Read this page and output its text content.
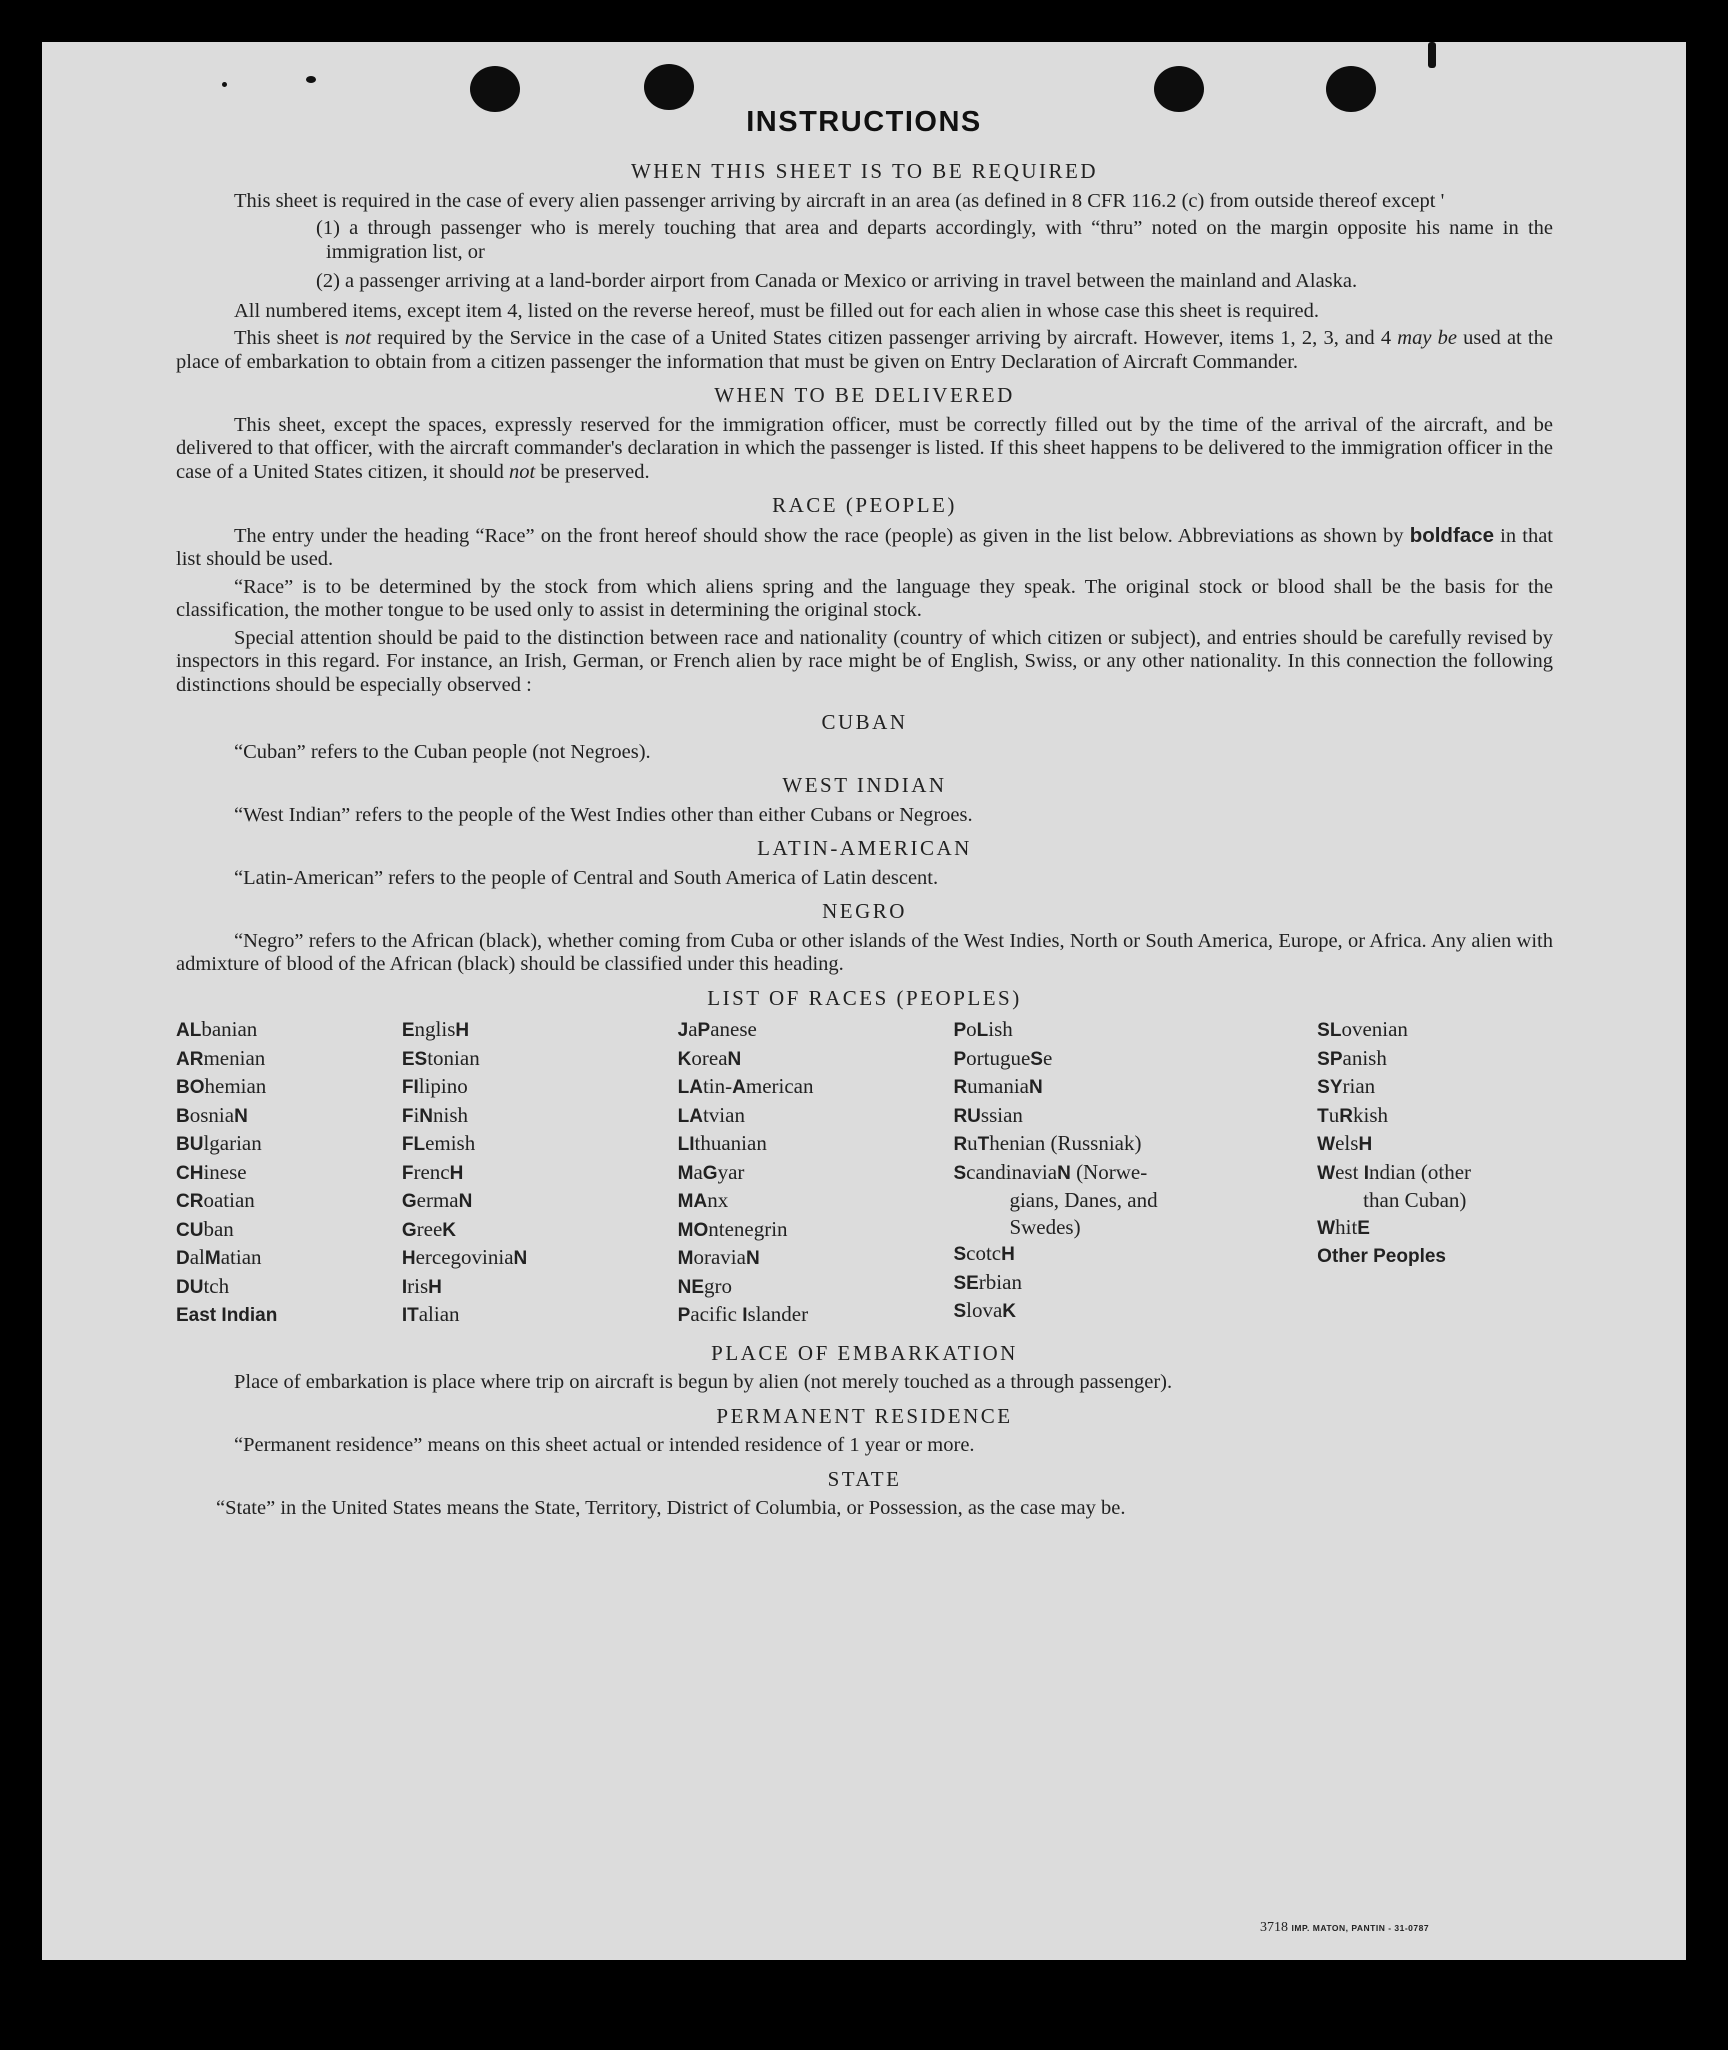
INSTRUCTIONS
WHEN THIS SHEET IS TO BE REQUIRED
This sheet is required in the case of every alien passenger arriving by aircraft in an area (as defined in 8 CFR 116.2 (c) from outside thereof except '
(1) a through passenger who is merely touching that area and departs accordingly, with “thru” noted on the margin opposite his name in the immigration list, or
(2) a passenger arriving at a land-border airport from Canada or Mexico or arriving in travel between the mainland and Alaska.
All numbered items, except item 4, listed on the reverse hereof, must be filled out for each alien in whose case this sheet is required.
This sheet is not required by the Service in the case of a United States citizen passenger arriving by aircraft. However, items 1, 2, 3, and 4 may be used at the place of embarkation to obtain from a citizen passenger the information that must be given on Entry Declaration of Aircraft Commander.
WHEN TO BE DELIVERED
This sheet, except the spaces, expressly reserved for the immigration officer, must be correctly filled out by the time of the arrival of the aircraft, and be delivered to that officer, with the aircraft commander's declaration in which the passenger is listed. If this sheet happens to be delivered to the immigration officer in the case of a United States citizen, it should not be preserved.
RACE (PEOPLE)
The entry under the heading “Race” on the front hereof should show the race (people) as given in the list below. Abbreviations as shown by boldface in that list should be used.
“Race” is to be determined by the stock from which aliens spring and the language they speak. The original stock or blood shall be the basis for the classification, the mother tongue to be used only to assist in determining the original stock.
Special attention should be paid to the distinction between race and nationality (country of which citizen or subject), and entries should be carefully revised by inspectors in this regard. For instance, an Irish, German, or French alien by race might be of English, Swiss, or any other nationality. In this connection the following distinctions should be especially observed :
CUBAN
“Cuban” refers to the Cuban people (not Negroes).
WEST INDIAN
“West Indian” refers to the people of the West Indies other than either Cubans or Negroes.
LATIN-AMERICAN
“Latin-American” refers to the people of Central and South America of Latin descent.
NEGRO
“Negro” refers to the African (black), whether coming from Cuba or other islands of the West Indies, North or South America, Europe, or Africa. Any alien with admixture of blood of the African (black) should be classified under this heading.
LIST OF RACES (PEOPLES)
ALbanian
ARmenian
BOhemian
BosniaN
BUlgarian
CHinese
CRoatian
CUban
DalMatian
DUtch
East Indian
EnglisH
EStonian
FIlipino
FiNnish
FLemish
FrencH
GermaN
GreeK
HercegoviniaN
IrisH
ITalian
JaPanese
KoreaN
LAtin-American
LAtvian
LIthuanian
MaGyar
MAnx
MOntenegrin
MoraviaN
NEgro
Pacific Islander
PoLish
PortugueSe
RumaniaN
RUssian
RuThenian (Russniak)
ScandinaviaN (Norwe-
gians, Danes, and
Swedes)
ScotcH
SErbian
SlovaK
SLovenian
SPanish
SYrian
TuRkish
WelsH
West Indian (other
than Cuban)
WhitE
Other Peoples
PLACE OF EMBARKATION
Place of embarkation is place where trip on aircraft is begun by alien (not merely touched as a through passenger).
PERMANENT RESIDENCE
“Permanent residence” means on this sheet actual or intended residence of 1 year or more.
STATE
“State” in the United States means the State, Territory, District of Columbia, or Possession, as the case may be.
3718 IMP. MATON, PANTIN - 31-0787
